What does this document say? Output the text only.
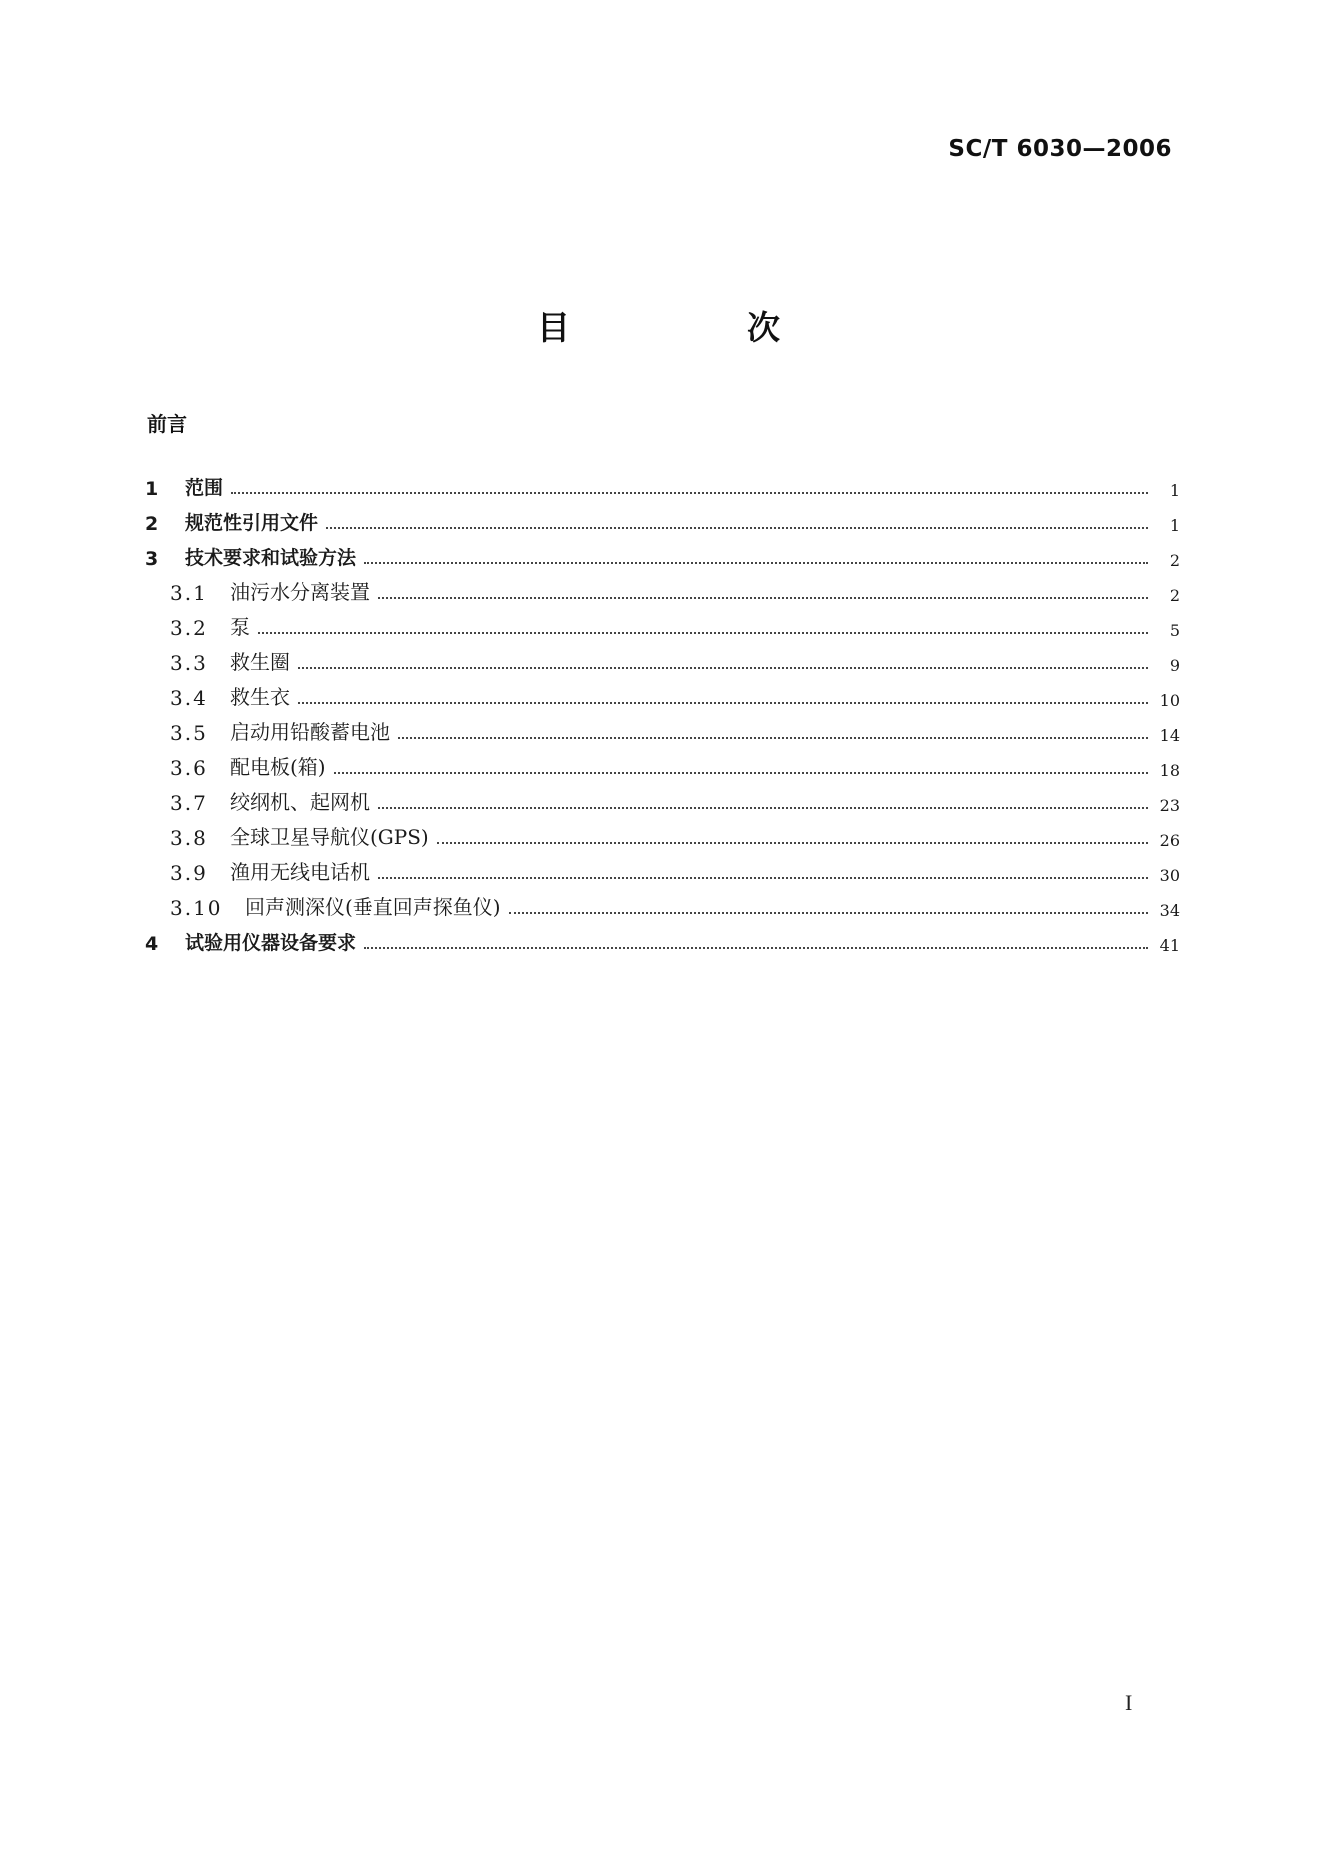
SC/T 6030—2006
目　次
前言
1	范围	1
2	规范性引用文件	1
3	技术要求和试验方法	2
3.1	油污水分离装置	2
3.2	泵	5
3.3	救生圈	9
3.4	救生衣	10
3.5	启动用铅酸蓄电池	14
3.6	配电板(箱)	18
3.7	绞纲机、起网机	23
3.8	全球卫星导航仪(GPS)	26
3.9	渔用无线电话机	30
3.10	回声测深仪(垂直回声探鱼仪)	34
4	试验用仪器设备要求	41
I
